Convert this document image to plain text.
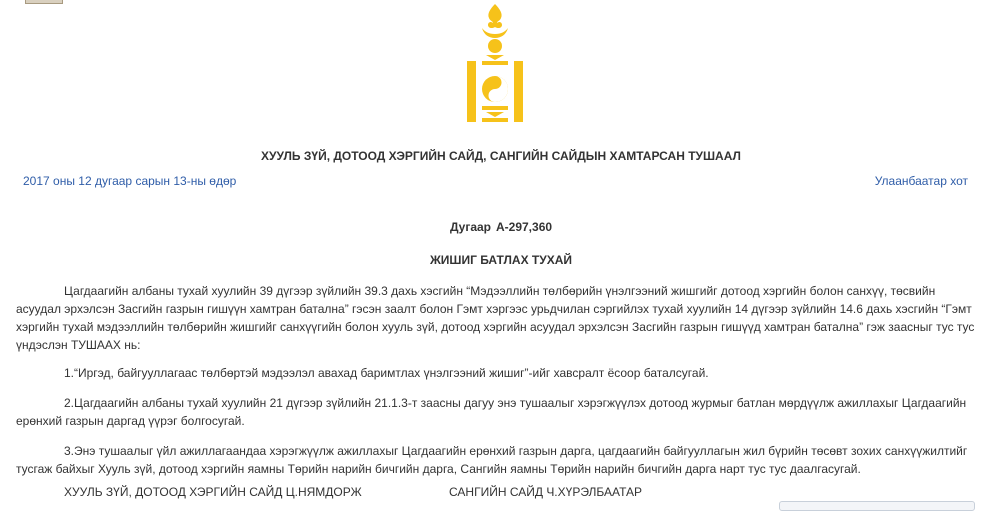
ХУУЛЬ ЗҮЙ, ДОТООД ХЭРГИЙН САЙД, САНГИЙН САЙДЫН ХАМТАРСАН ТУШААЛ
2017 оны 12 дугаар сарын 13-ны өдөр	Улаанбаатар хот
Дугаар А-297,360
ЖИШИГ БАТЛАХ ТУХАЙ

Цагдаагийн албаны тухай хуулийн 39 дүгээр зүйлийн 39.3 дахь хэсгийн “Мэдээллийн төлбөрийн үнэлгээний жишгийг дотоод хэргийн болон санхүү, төсвийн асуудал эрхэлсэн Засгийн газрын гишүүн хамтран батална” гэсэн заалт болон Гэмт хэргээс урьдчилан сэргийлэх тухай хуулийн 14 дүгээр зүйлийн 14.6 дахь хэсгийн “Гэмт хэргийн тухай мэдээллийн төлбөрийн жишгийг санхүүгийн болон хууль зүй, дотоод хэргийн асуудал эрхэлсэн Засгийн газрын гишүүд хамтран батална” гэж заасныг тус тус үндэслэн ТУШААХ нь:

1.“Иргэд, байгууллагаас төлбөртэй мэдээлэл авахад баримтлах үнэлгээний жишиг”-ийг хавсралт ёсоор баталсугай.

2.Цагдаагийн албаны тухай хуулийн 21 дүгээр зүйлийн 21.1.3-т заасны дагуу энэ тушаалыг хэрэгжүүлэх дотоод журмыг батлан мөрдүүлж ажиллахыг Цагдаагийн ерөнхий газрын даргад үүрэг болгосугай.

3.Энэ тушаалыг үйл ажиллагаандаа хэрэгжүүлж ажиллахыг Цагдаагийн ерөнхий газрын дарга, цагдаагийн байгууллагын жил бүрийн төсөвт зохих санхүүжилтийг тусгаж байхыг Хууль зүй, дотоод хэргийн яамны Төрийн нарийн бичгийн дарга, Сангийн яамны Төрийн нарийн бичгийн дарга нарт тус тус даалгасугай.

ХУУЛЬ ЗҮЙ, ДОТООД ХЭРГИЙН САЙД Ц.НЯМДОРЖ	САНГИЙН САЙД Ч.ХҮРЭЛБААТАР
